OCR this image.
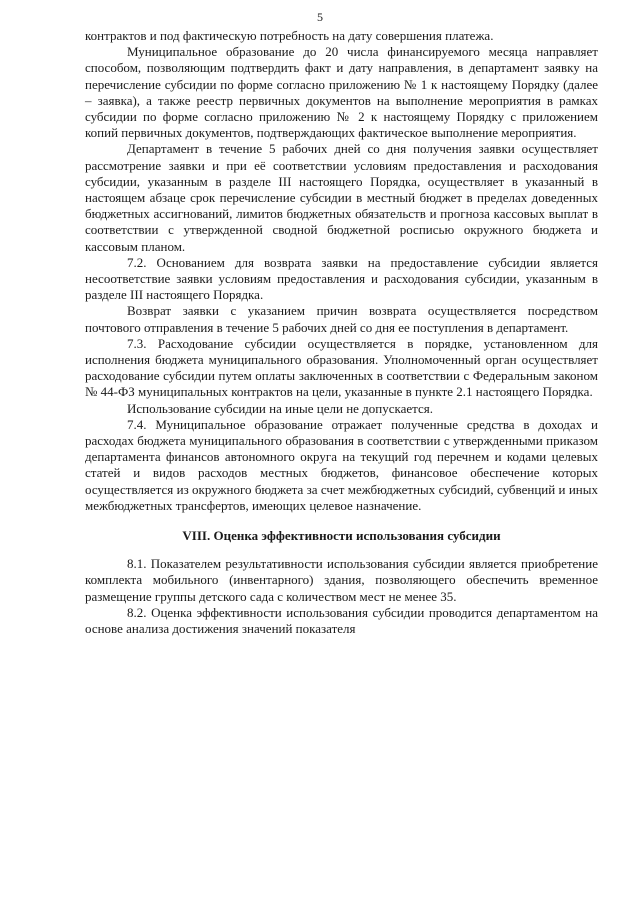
5

контрактов и под фактическую потребность на дату совершения платежа.

Муниципальное образование до 20 числа финансируемого месяца направляет способом, позволяющим подтвердить факт и дату направления, в департамент заявку на перечисление субсидии по форме согласно приложению № 1 к настоящему Порядку (далее – заявка), а также реестр первичных документов на выполнение мероприятия в рамках субсидии по форме согласно приложению № 2 к настоящему Порядку с приложением копий первичных документов, подтверждающих фактическое выполнение мероприятия.

Департамент в течение 5 рабочих дней со дня получения заявки осуществляет рассмотрение заявки и при её соответствии условиям предоставления и расходования субсидии, указанным в разделе III настоящего Порядка, осуществляет в указанный в настоящем абзаце срок перечисление субсидии в местный бюджет в пределах доведенных бюджетных ассигнований, лимитов бюджетных обязательств и прогноза кассовых выплат в соответствии с утвержденной сводной бюджетной росписью окружного бюджета и кассовым планом.

7.2. Основанием для возврата заявки на предоставление субсидии является несоответствие заявки условиям предоставления и расходования субсидии, указанным в разделе III настоящего Порядка.

Возврат заявки с указанием причин возврата осуществляется посредством почтового отправления в течение 5 рабочих дней со дня ее поступления в департамент.

7.3. Расходование субсидии осуществляется в порядке, установленном для исполнения бюджета муниципального образования. Уполномоченный орган осуществляет расходование субсидии путем оплаты заключенных в соответствии с Федеральным законом № 44-ФЗ муниципальных контрактов на цели, указанные в пункте 2.1 настоящего Порядка.

Использование субсидии на иные цели не допускается.

7.4. Муниципальное образование отражает полученные средства в доходах и расходах бюджета муниципального образования в соответствии с утвержденными приказом департамента финансов автономного округа на текущий год перечнем и кодами целевых статей и видов расходов местных бюджетов, финансовое обеспечение которых осуществляется из окружного бюджета за счет межбюджетных субсидий, субвенций и иных межбюджетных трансфертов, имеющих целевое назначение.

VIII. Оценка эффективности использования субсидии

8.1. Показателем результативности использования субсидии является приобретение комплекта мобильного (инвентарного) здания, позволяющего обеспечить временное размещение группы детского сада с количеством мест не менее 35.

8.2. Оценка эффективности использования субсидии проводится департаментом на основе анализа достижения значений показателя
